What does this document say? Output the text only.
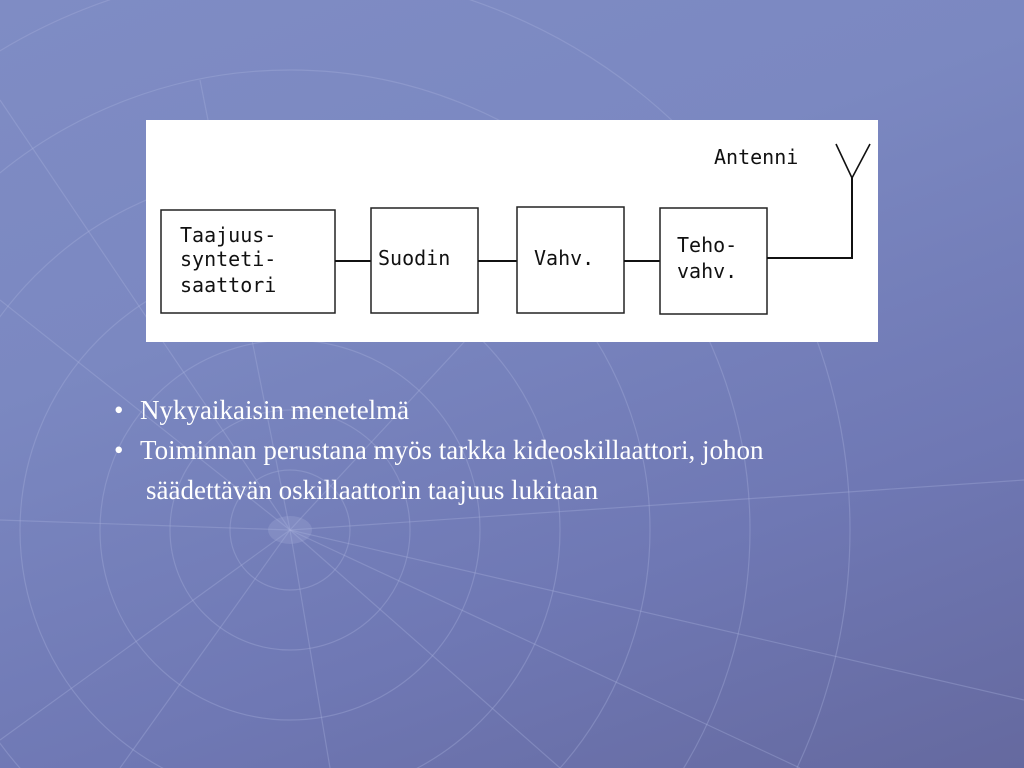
Taajuus-
synteti-
saattori
Suodin	Vahv.
Teho-
vahv.
Antenni
• Nykyaikaisin menetelmä
• Toiminnan perustana myös tarkka kideoskillaattori, johon
säädettävän oskillaattorin taajuus lukitaan
